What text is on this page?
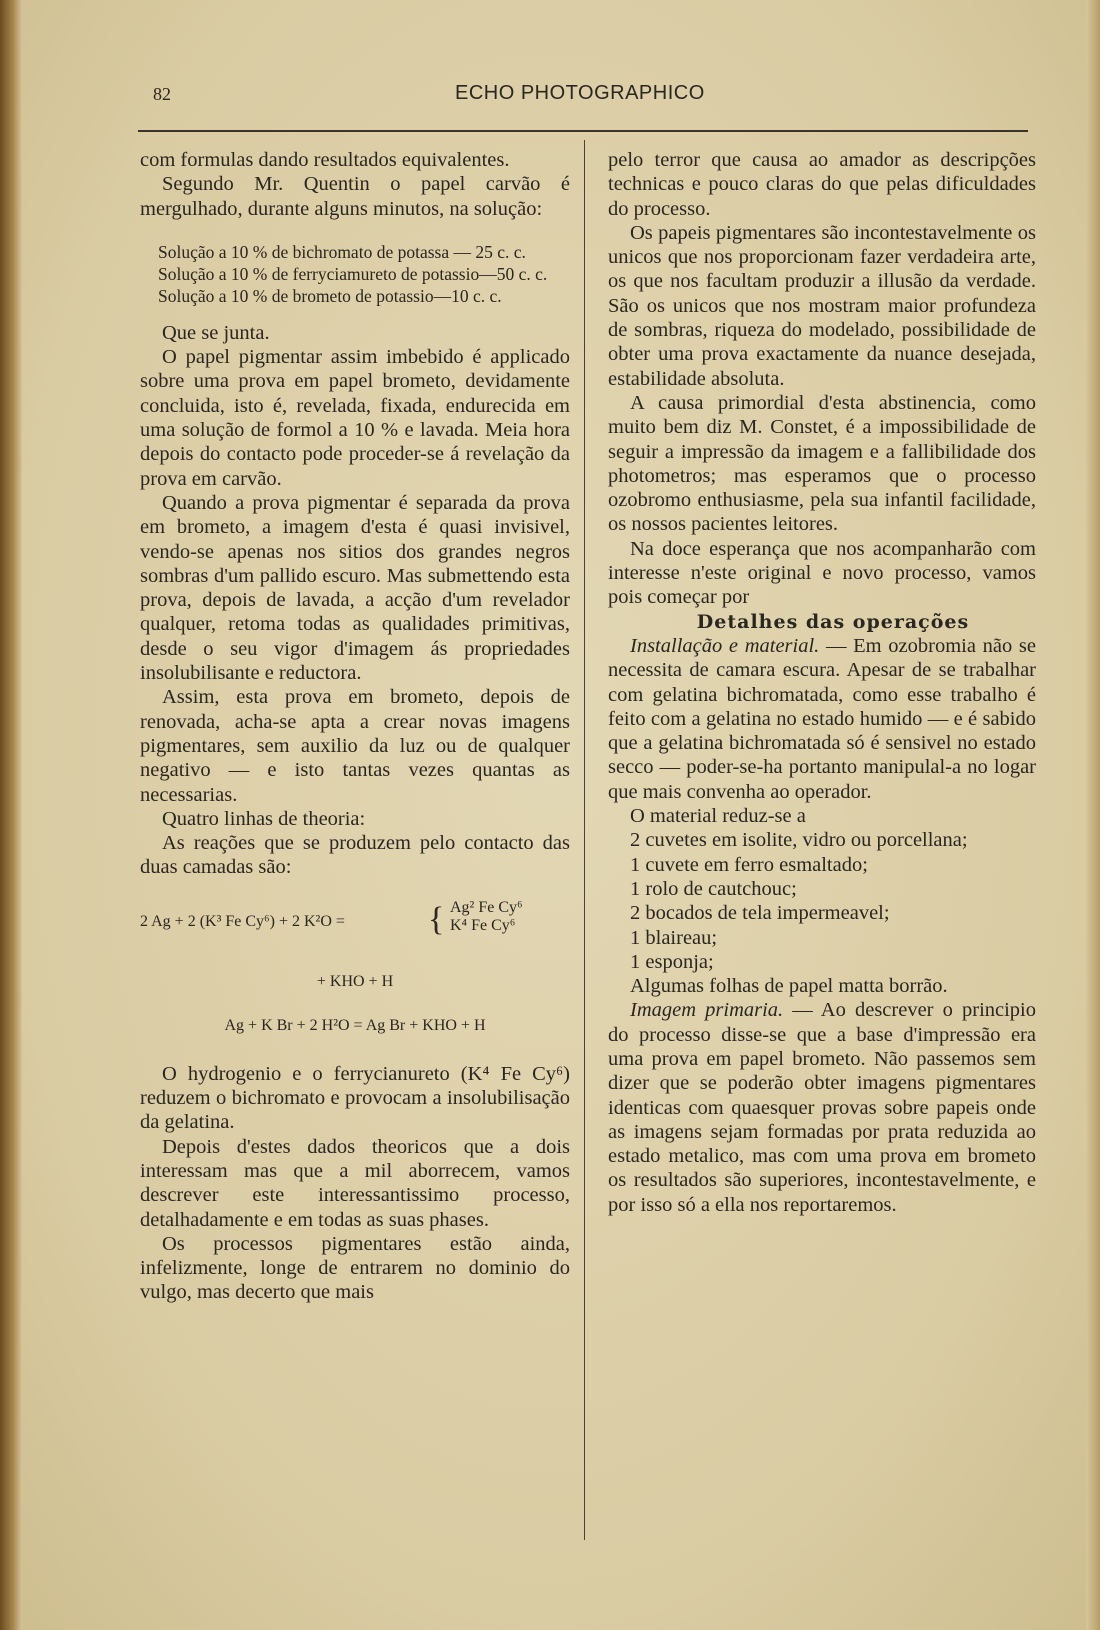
82	ECHO PHOTOGRAPHICO

com formulas dando resultados equivalentes.

Segundo Mr. Quentin o papel carvão é mergulhado, durante alguns minutos, na solução:

Solução a 10 % de bichromato de potassa — 25 c. c.

Solução a 10 % de ferryciamureto de potassio—50 c. c.

Solução a 10 % de brometo de potassio—10 c. c.

Que se junta.

O papel pigmentar assim imbebido é applicado sobre uma prova em papel brometo, devidamente concluida, isto é, revelada, fixada, endurecida em uma solução de formol a 10 % e lavada. Meia hora depois do contacto pode proceder-se á revelação da prova em carvão.

Quando a prova pigmentar é separada da prova em brometo, a imagem d'esta é quasi invisivel, vendo-se apenas nos sitios dos grandes negros sombras d'um pallido escuro. Mas submettendo esta prova, depois de lavada, a acção d'um revelador qualquer, retoma todas as qualidades primitivas, desde o seu vigor d'imagem ás propriedades insolubilisante e reductora.

Assim, esta prova em brometo, depois de renovada, acha-se apta a crear novas imagens pigmentares, sem auxilio da luz ou de qualquer negativo — e isto tantas vezes quantas as necessarias.

Quatro linhas de theoria:

As reações que se produzem pelo contacto das duas camadas são:

2 Ag + 2 (K³ Fe Cy⁶) + 2 K²O = { Ag² Fe Cy⁶
K⁴ Fe Cy⁶
+ KHO + H
Ag + K Br + 2 H²O = Ag Br + KHO + H

O hydrogenio e o ferrycianureto (K⁴ Fe Cy⁶) reduzem o bichromato e provocam a insolubilisação da gelatina.

Depois d'estes dados theoricos que a dois interessam mas que a mil aborrecem, vamos descrever este interessantissimo processo, detalhadamente e em todas as suas phases.

Os processos pigmentares estão ainda, infelizmente, longe de entrarem no dominio do vulgo, mas decerto que mais

pelo terror que causa ao amador as descripções technicas e pouco claras do que pelas dificuldades do processo.

Os papeis pigmentares são incontestavelmente os unicos que nos proporcionam fazer verdadeira arte, os que nos facultam produzir a illusão da verdade. São os unicos que nos mostram maior profundeza de sombras, riqueza do modelado, possibilidade de obter uma prova exactamente da nuance desejada, estabilidade absoluta.

A causa primordial d'esta abstinencia, como muito bem diz M. Constet, é a impossibilidade de seguir a impressão da imagem e a fallibilidade dos photometros; mas esperamos que o processo ozobromo enthusiasme, pela sua infantil facilidade, os nossos pacientes leitores.

Na doce esperança que nos acompanharão com interesse n'este original e novo processo, vamos pois começar por

Detalhes das operações

Installação e material. — Em ozobromia não se necessita de camara escura. Apesar de se trabalhar com gelatina bichromatada, como esse trabalho é feito com a gelatina no estado humido — e é sabido que a gelatina bichromatada só é sensivel no estado secco — poder-se-ha portanto manipulal-a no logar que mais convenha ao operador.

O material reduz-se a

2 cuvetes em isolite, vidro ou porcellana;

1 cuvete em ferro esmaltado;

1 rolo de cautchouc;

2 bocados de tela impermeavel;

1 blaireau;

1 esponja;

Algumas folhas de papel matta borrão.

Imagem primaria. — Ao descrever o principio do processo disse-se que a base d'impressão era uma prova em papel brometo. Não passemos sem dizer que se poderão obter imagens pigmentares identicas com quaesquer provas sobre papeis onde as imagens sejam formadas por prata reduzida ao estado metalico, mas com uma prova em brometo os resultados são superiores, incontestavelmente, e por isso só a ella nos reportaremos.
